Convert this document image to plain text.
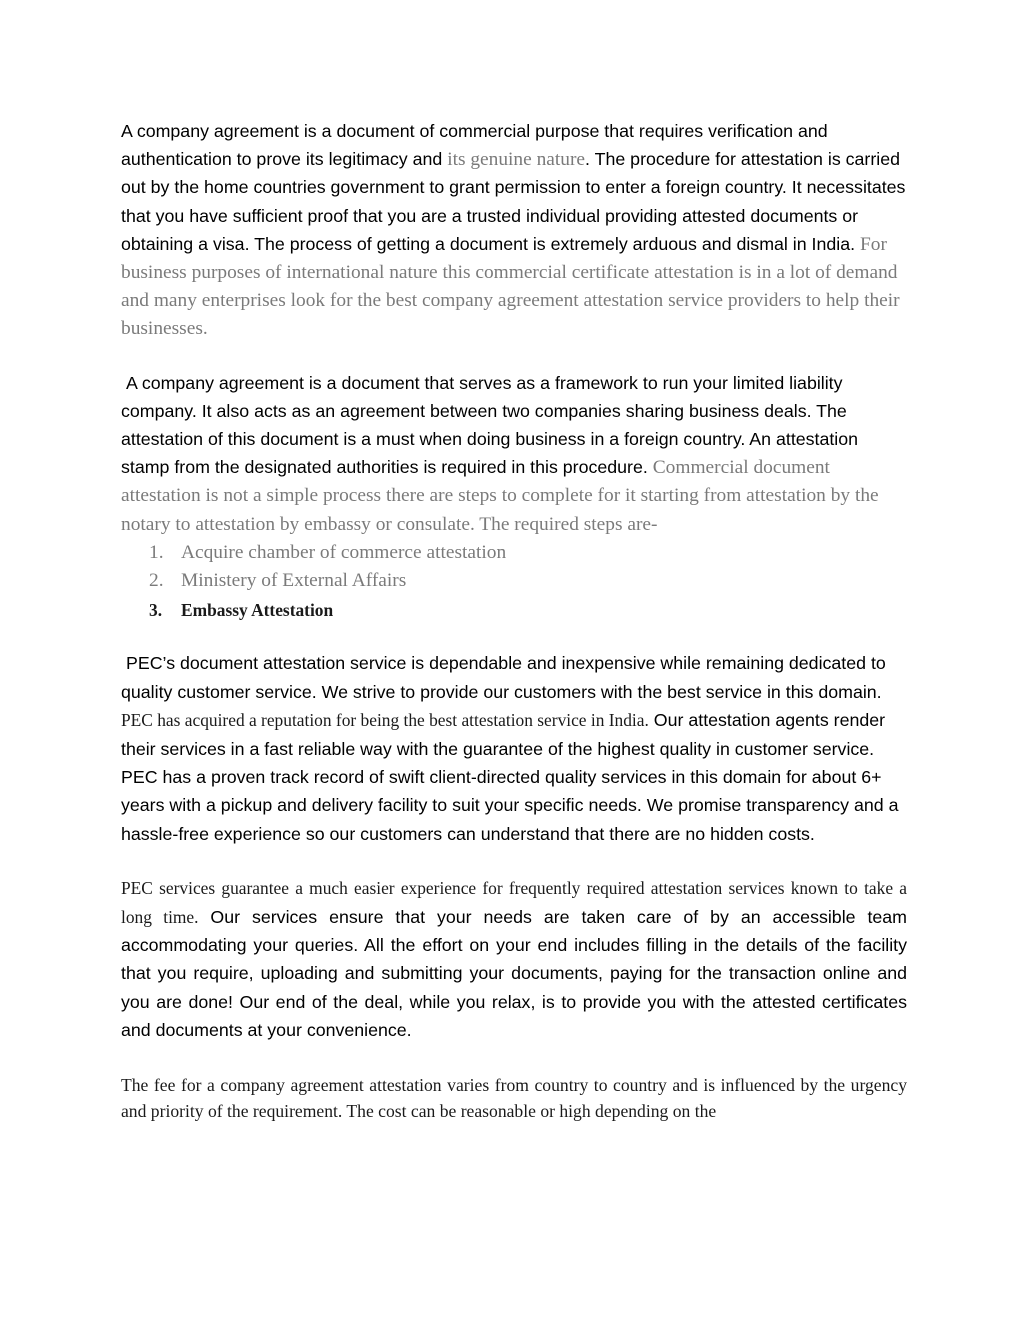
A company agreement is a document of commercial purpose that requires verification and authentication to prove its legitimacy and its genuine nature. The procedure for attestation is carried out by the home countries government to grant permission to enter a foreign country. It necessitates that you have sufficient proof that you are a trusted individual providing attested documents or obtaining a visa. The process of getting a document is extremely arduous and dismal in India. For business purposes of international nature this commercial certificate attestation is in a lot of demand and many enterprises look for the best company agreement attestation service providers to help their businesses.

A company agreement is a document that serves as a framework to run your limited liability company. It also acts as an agreement between two companies sharing business deals. The attestation of this document is a must when doing business in a foreign country. An attestation stamp from the designated authorities is required in this procedure. Commercial document attestation is not a simple process there are steps to complete for it starting from attestation by the notary to attestation by embassy or consulate. The required steps are-

1. Acquire chamber of commerce attestation
2. Ministery of External Affairs
3. Embassy Attestation

PEC’s document attestation service is dependable and inexpensive while remaining dedicated to quality customer service. We strive to provide our customers with the best service in this domain. PEC has acquired a reputation for being the best attestation service in India. Our attestation agents render their services in a fast reliable way with the guarantee of the highest quality in customer service. PEC has a proven track record of swift client-directed quality services in this domain for about 6+ years with a pickup and delivery facility to suit your specific needs. We promise transparency and a hassle-free experience so our customers can understand that there are no hidden costs.

PEC services guarantee a much easier experience for frequently required attestation services known to take a long time. Our services ensure that your needs are taken care of by an accessible team accommodating your queries. All the effort on your end includes filling in the details of the facility that you require, uploading and submitting your documents, paying for the transaction online and you are done! Our end of the deal, while you relax, is to provide you with the attested certificates and documents at your convenience.

The fee for a company agreement attestation varies from country to country and is influenced by the urgency and priority of the requirement. The cost can be reasonable or high depending on the
